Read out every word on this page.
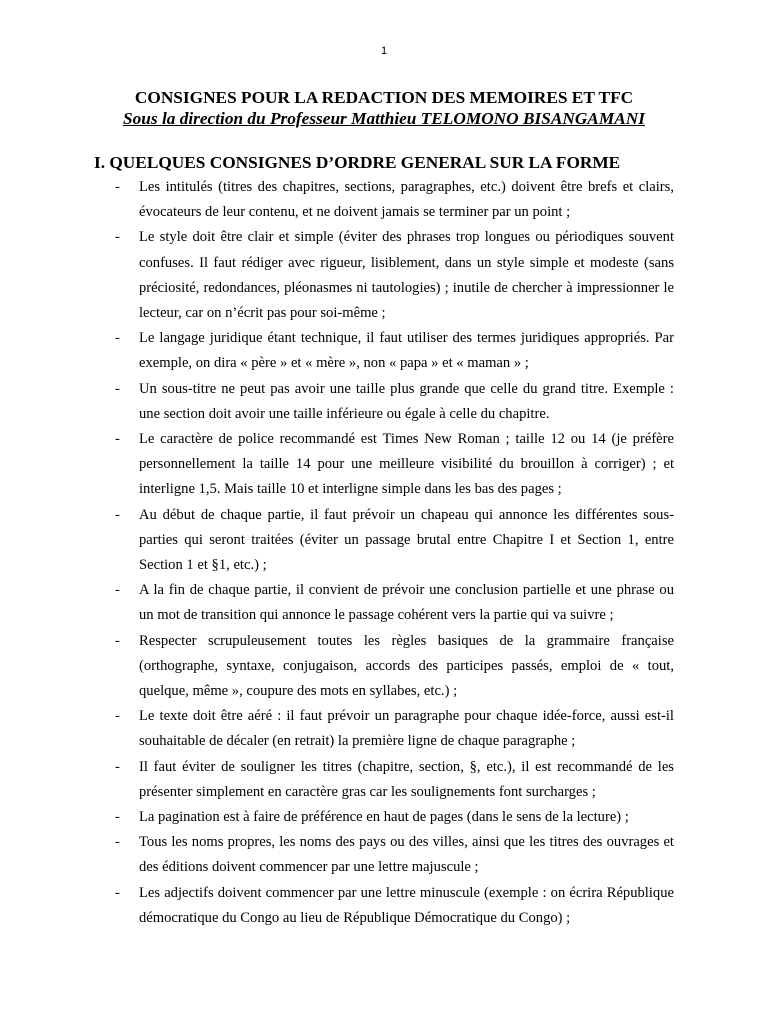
1
CONSIGNES POUR LA REDACTION DES MEMOIRES ET TFC
Sous la direction du Professeur Matthieu TELOMONO BISANGAMANI
I. QUELQUES CONSIGNES D’ORDRE GENERAL SUR LA FORME
- Les intitulés (titres des chapitres, sections, paragraphes, etc.) doivent être brefs et clairs, évocateurs de leur contenu, et ne doivent jamais se terminer par un point ;
- Le style doit être clair et simple (éviter des phrases trop longues ou périodiques souvent confuses. Il faut rédiger avec rigueur, lisiblement, dans un style simple et modeste (sans préciosité, redondances, pléonasmes ni tautologies) ; inutile de chercher à impressionner le lecteur, car on n’écrit pas pour soi-même ;
- Le langage juridique étant technique, il faut utiliser des termes juridiques appropriés. Par exemple, on dira « père » et « mère », non « papa » et « maman » ;
- Un sous-titre ne peut pas avoir une taille plus grande que celle du grand titre. Exemple : une section doit avoir une taille inférieure ou égale à celle du chapitre.
- Le caractère de police recommandé est Times New Roman ; taille 12 ou 14 (je préfère personnellement la taille 14 pour une meilleure visibilité du brouillon à corriger) ; et interligne 1,5. Mais taille 10 et interligne simple dans les bas des pages ;
- Au début de chaque partie, il faut prévoir un chapeau qui annonce les différentes sous-parties qui seront traitées (éviter un passage brutal entre Chapitre I et Section 1, entre Section 1 et §1, etc.) ;
- A la fin de chaque partie, il convient de prévoir une conclusion partielle et une phrase ou un mot de transition qui annonce le passage cohérent vers la partie qui va suivre ;
- Respecter scrupuleusement toutes les règles basiques de la grammaire française (orthographe, syntaxe, conjugaison, accords des participes passés, emploi de « tout, quelque, même », coupure des mots en syllabes, etc.) ;
- Le texte doit être aéré : il faut prévoir un paragraphe pour chaque idée-force, aussi est-il souhaitable de décaler (en retrait) la première ligne de chaque paragraphe ;
- Il faut éviter de souligner les titres (chapitre, section, §, etc.), il est recommandé de les présenter simplement en caractère gras car les soulignements font surcharges ;
- La pagination est à faire de préférence en haut de pages (dans le sens de la lecture) ;
- Tous les noms propres, les noms des pays ou des villes, ainsi que les titres des ouvrages et des éditions doivent commencer par une lettre majuscule ;
- Les adjectifs doivent commencer par une lettre minuscule (exemple : on écrira République démocratique du Congo au lieu de République Démocratique du Congo) ;
